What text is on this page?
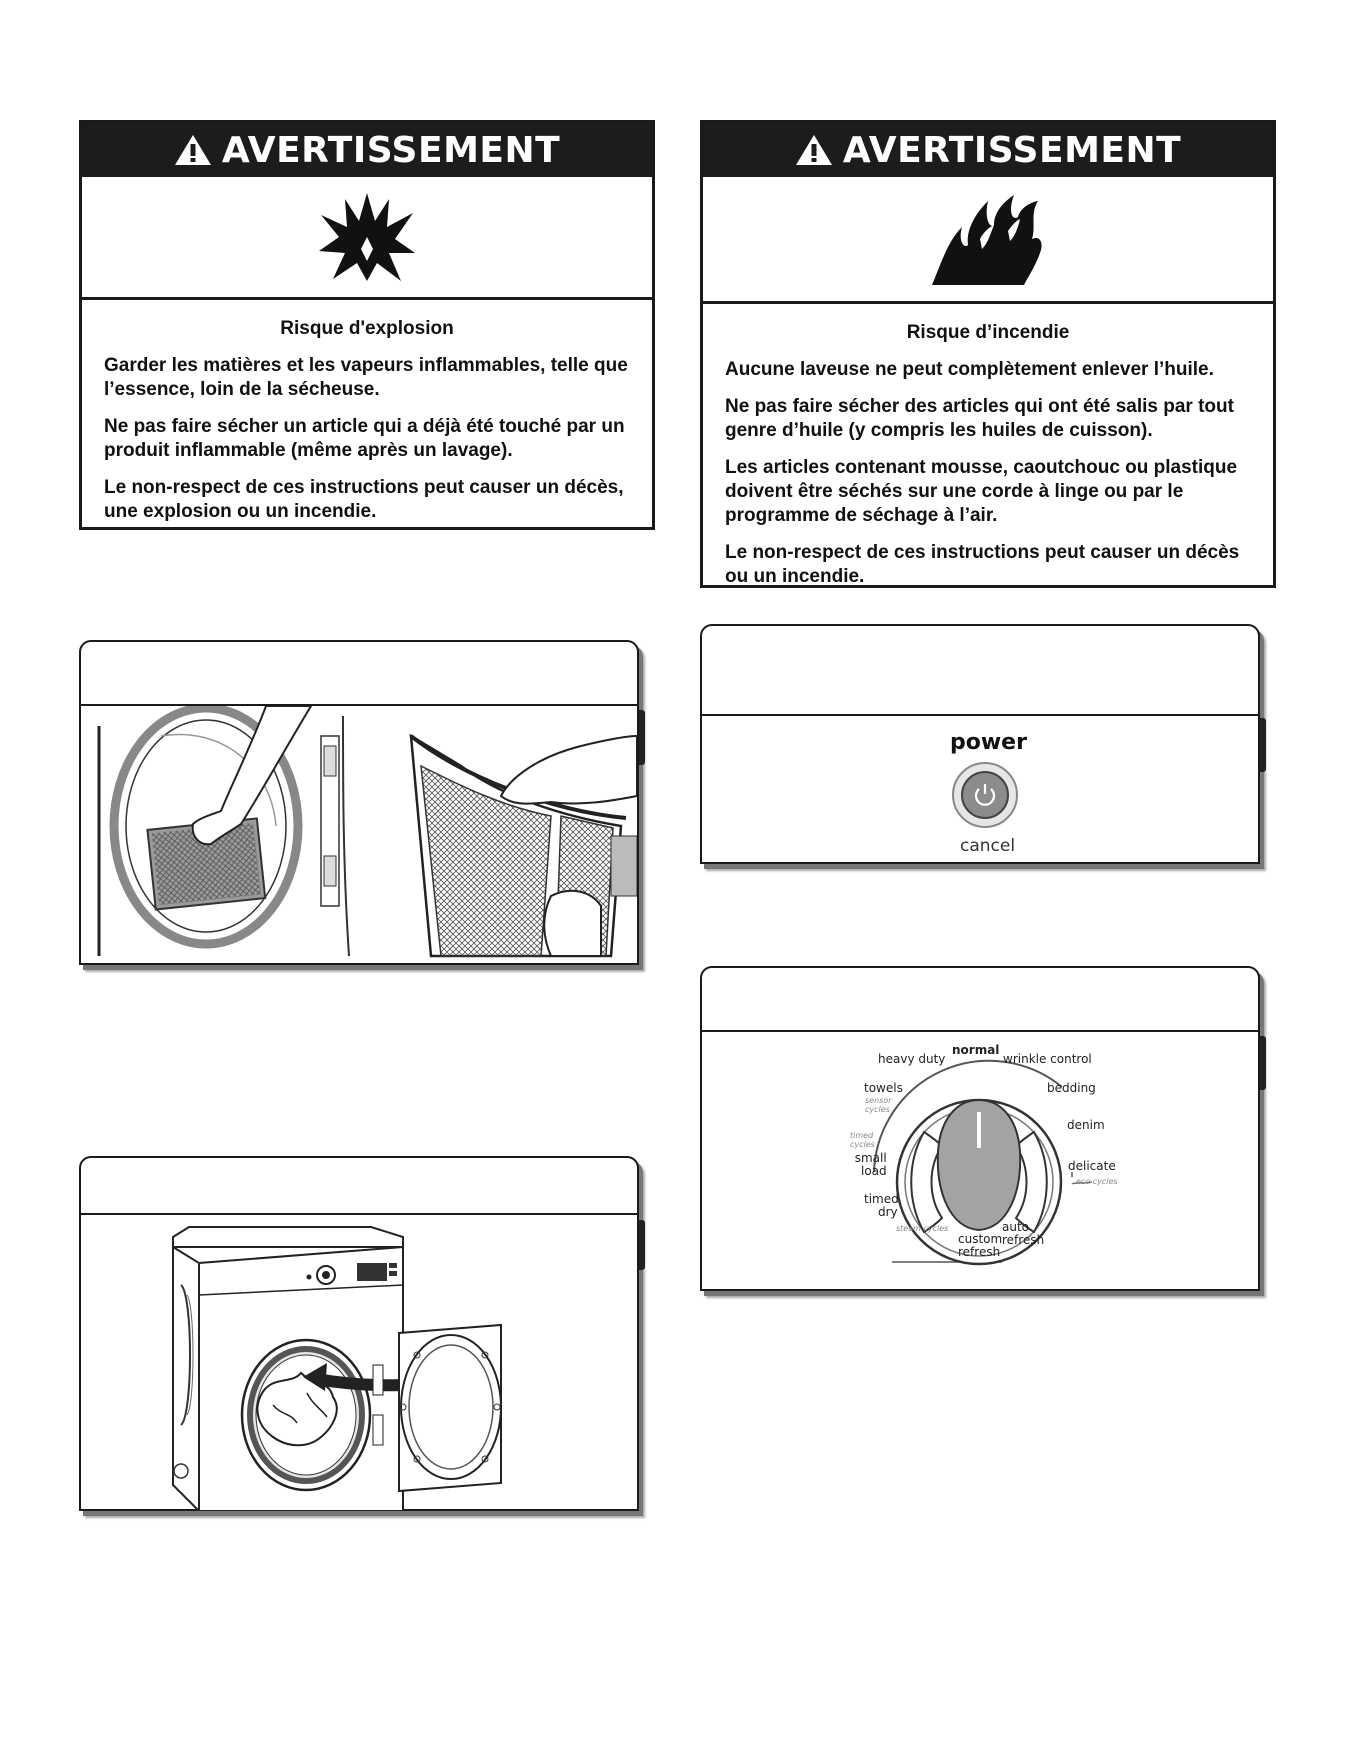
AVERTISSEMENT
Risque d'explosion

Garder les matières et les vapeurs inflammables, telle que l’essence, loin de la sécheuse.

Ne pas faire sécher un article qui a déjà été touché par un produit inflammable (même après un lavage).

Le non-respect de ces instructions peut causer un décès, une explosion ou un incendie.

AVERTISSEMENT
Risque d’incendie

Aucune laveuse ne peut complètement enlever l’huile.

Ne pas faire sécher des articles qui ont été salis par tout genre d’huile (y compris les huiles de cuisson).

Les articles contenant mousse, caoutchouc ou plastique doivent être séchés sur une corde à linge ou par le programme de séchage à l’air.

Le non-respect de ces instructions peut causer un décès ou un incendie.

power
cancel
normal
heavy duty	wrinkle control
towels
sensor
cycles
bedding
denim
timed
cycles
small
load	delicate
eco cycles
timed
dry
steam cycles	auto
refresh
custom
refresh
